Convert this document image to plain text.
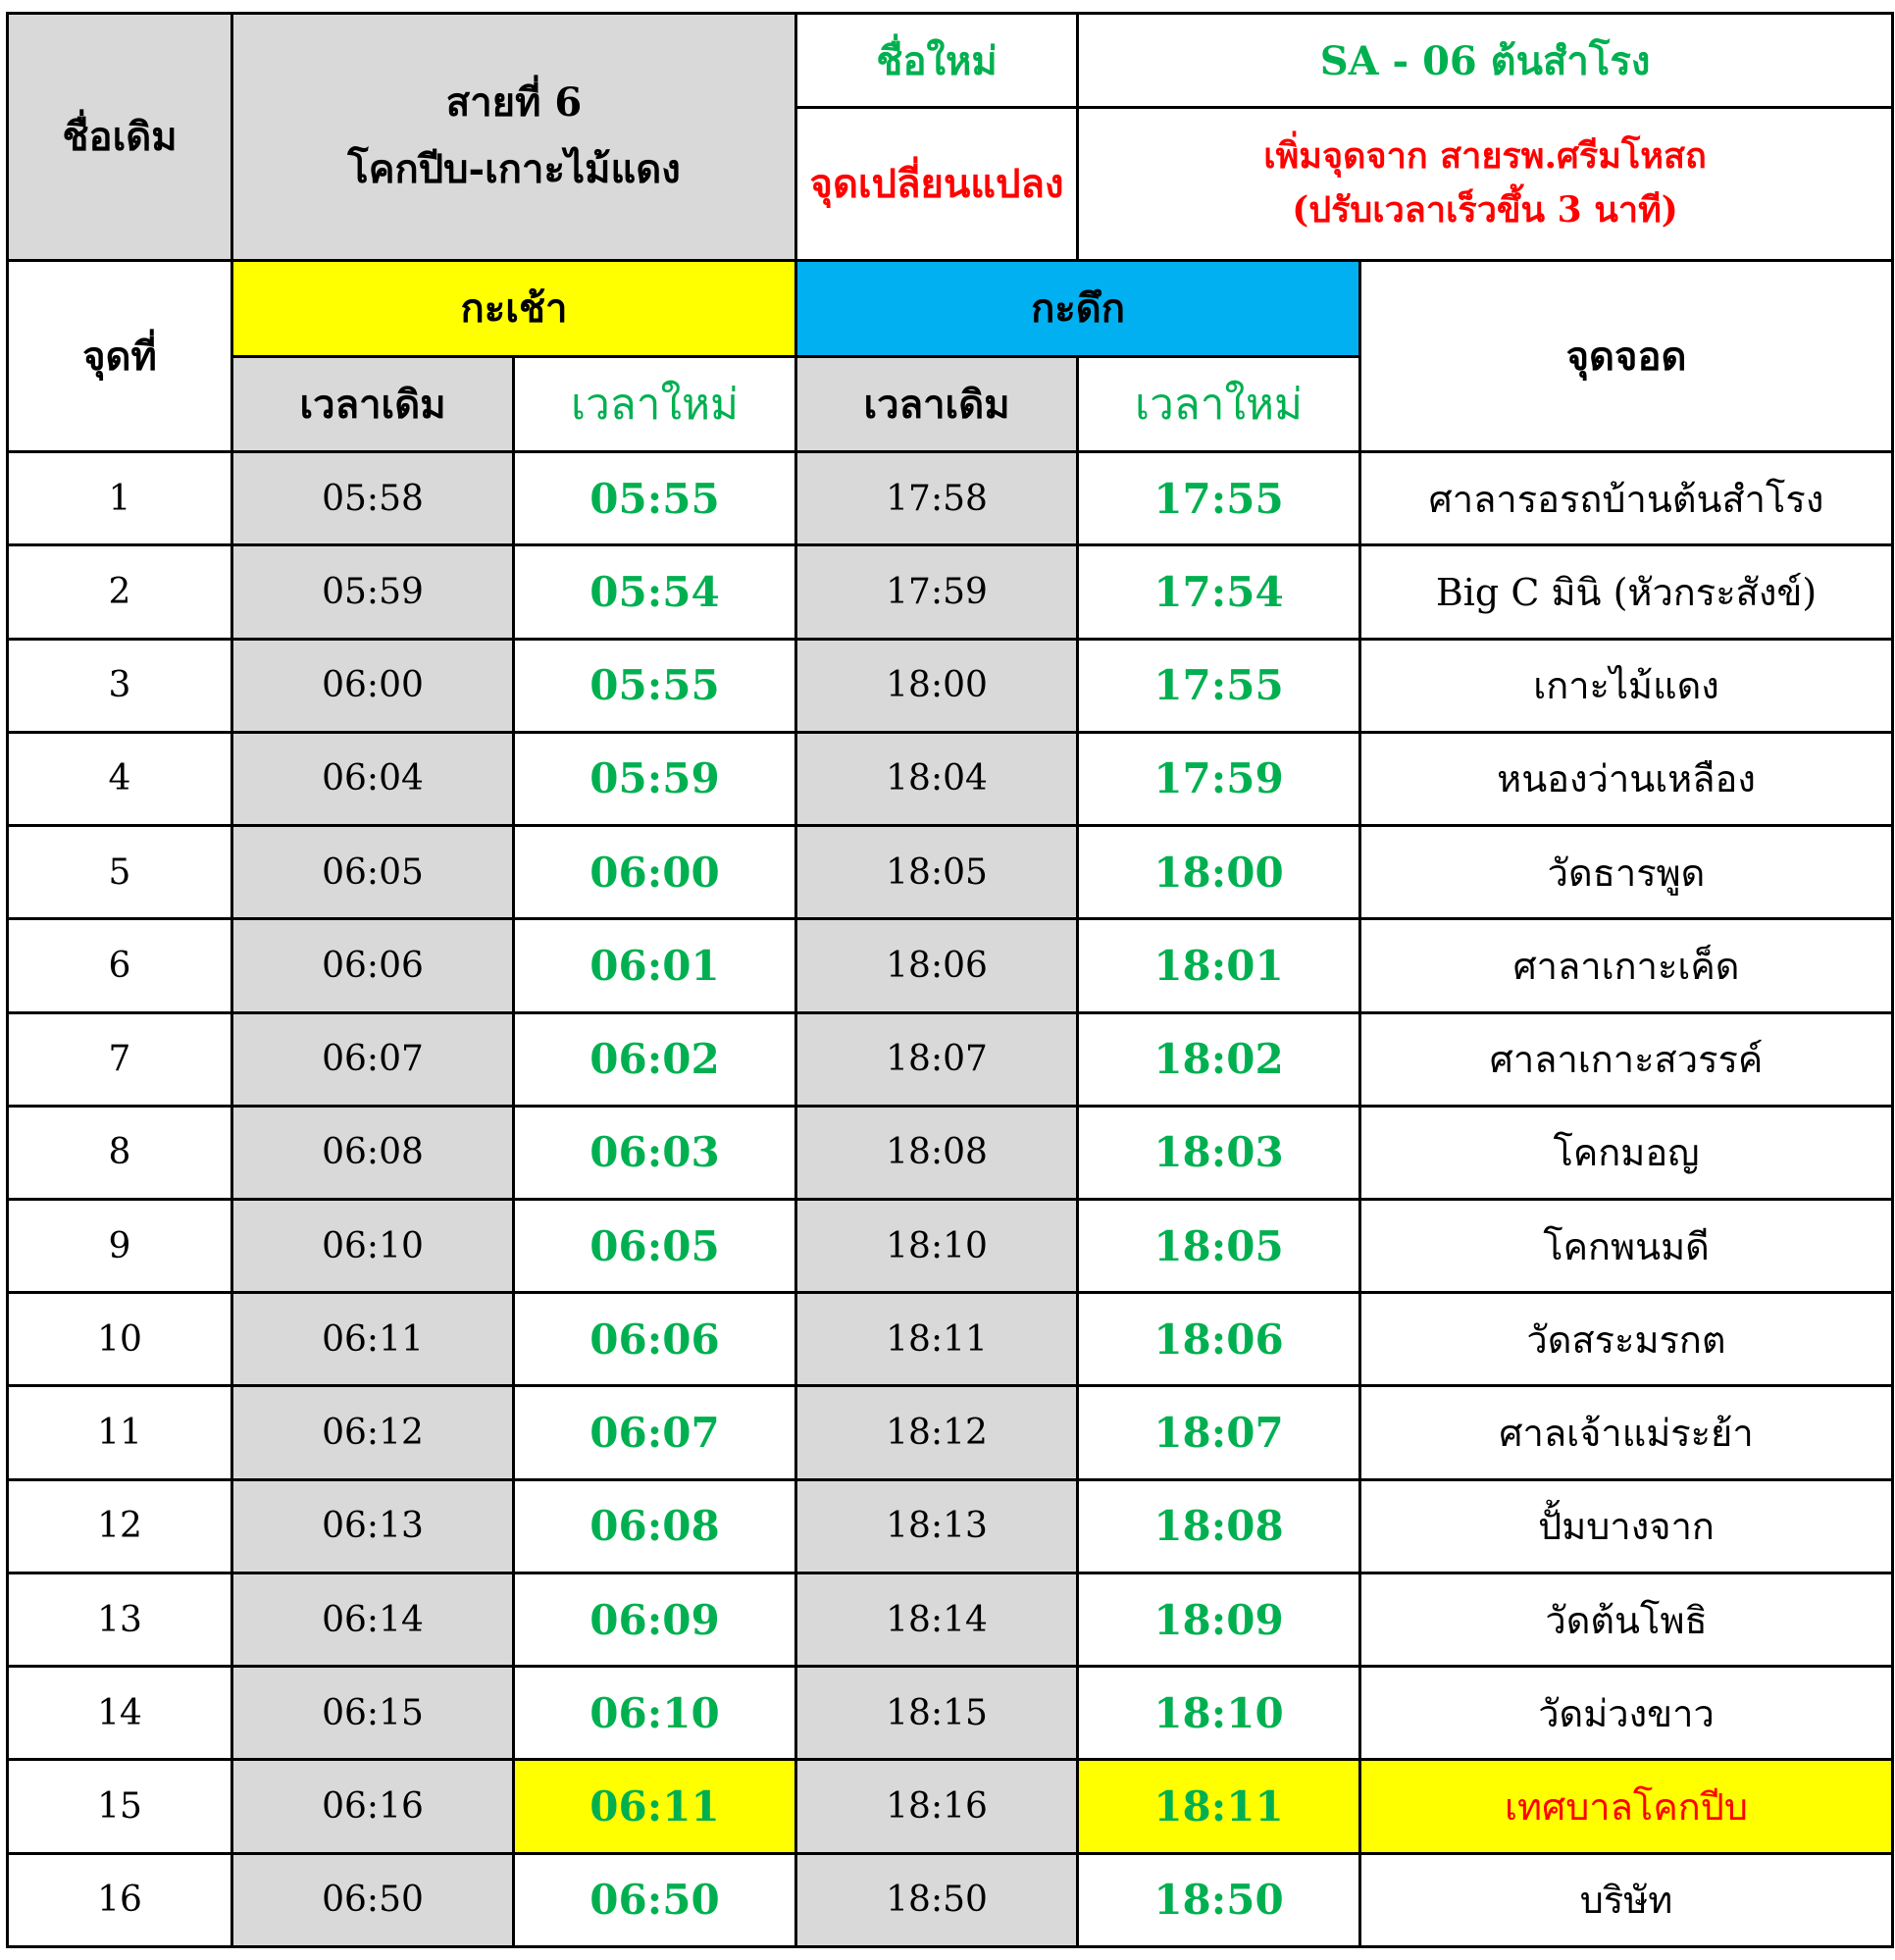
ชื่อเดิม	สายที่ 6
โคกปีบ-เกาะไม้แดง		ชื่อใหม่	SA - 06 ต้นสำโรง	
			จุดเปลี่ยนแปลง	เพิ่มจุดจาก สายรพ.ศรีมโหสถ
(ปรับเวลาเร็วขึ้น 3 นาที)	

จุดที่	กะเช้า		กะดึก		จุดจอด
	เวลาเดิม	เวลาใหม่	เวลาเดิม	เวลาใหม่	
1	05:58	05:55	17:58	17:55	ศาลารอรถบ้านต้นสำโรง
2	05:59	05:54	17:59	17:54	Big C มินิ (หัวกระสังข์)
3	06:00	05:55	18:00	17:55	เกาะไม้แดง
4	06:04	05:59	18:04	17:59	หนองว่านเหลือง
5	06:05	06:00	18:05	18:00	วัดธารพูด
6	06:06	06:01	18:06	18:01	ศาลาเกาะเค็ด
7	06:07	06:02	18:07	18:02	ศาลาเกาะสวรรค์
8	06:08	06:03	18:08	18:03	โคกมอญ
9	06:10	06:05	18:10	18:05	โคกพนมดี
10	06:11	06:06	18:11	18:06	วัดสระมรกต
11	06:12	06:07	18:12	18:07	ศาลเจ้าแม่ระย้า
12	06:13	06:08	18:13	18:08	ปั้มบางจาก
13	06:14	06:09	18:14	18:09	วัดต้นโพธิ
14	06:15	06:10	18:15	18:10	วัดม่วงขาว
15	06:16	06:11	18:16	18:11	เทศบาลโคกปีบ
16	06:50	06:50	18:50	18:50	บริษัท
